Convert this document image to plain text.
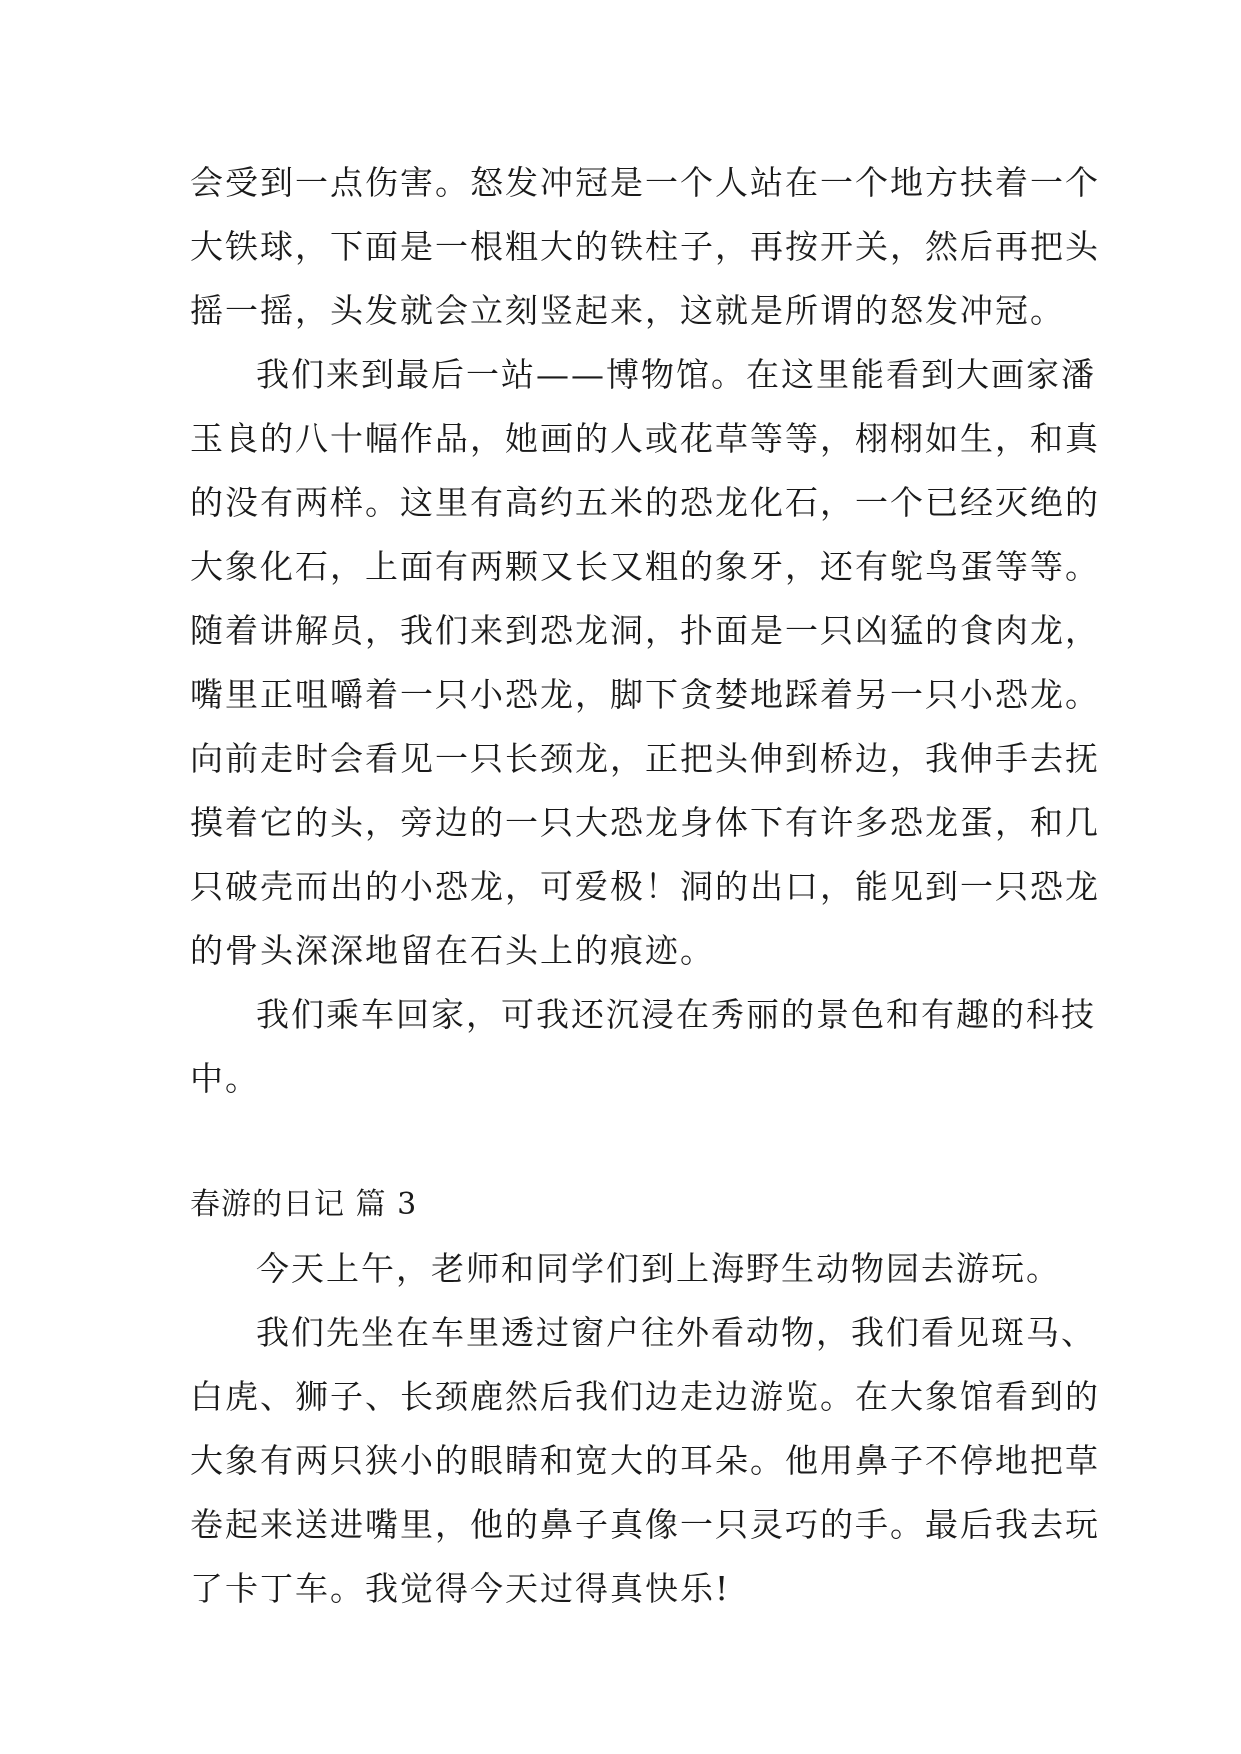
会受到一点伤害。怒发冲冠是一个人站在一个地方扶着一个
大铁球，下面是一根粗大的铁柱子，再按开关，然后再把头
摇一摇，头发就会立刻竖起来，这就是所谓的怒发冲冠。
我们来到最后一站——博物馆。在这里能看到大画家潘
玉良的八十幅作品，她画的人或花草等等，栩栩如生，和真
的没有两样。这里有高约五米的恐龙化石，一个已经灭绝的
大象化石，上面有两颗又长又粗的象牙，还有鸵鸟蛋等等。
随着讲解员，我们来到恐龙洞，扑面是一只凶猛的食肉龙，
嘴里正咀嚼着一只小恐龙，脚下贪婪地踩着另一只小恐龙。
向前走时会看见一只长颈龙，正把头伸到桥边，我伸手去抚
摸着它的头，旁边的一只大恐龙身体下有许多恐龙蛋，和几
只破壳而出的小恐龙，可爱极！洞的出口，能见到一只恐龙
的骨头深深地留在石头上的痕迹。
我们乘车回家，可我还沉浸在秀丽的景色和有趣的科技
中。
春游的日记 篇 3
今天上午，老师和同学们到上海野生动物园去游玩。
我们先坐在车里透过窗户往外看动物，我们看见斑马、
白虎、狮子、长颈鹿然后我们边走边游览。在大象馆看到的
大象有两只狭小的眼睛和宽大的耳朵。他用鼻子不停地把草
卷起来送进嘴里，他的鼻子真像一只灵巧的手。最后我去玩
了卡丁车。我觉得今天过得真快乐!
